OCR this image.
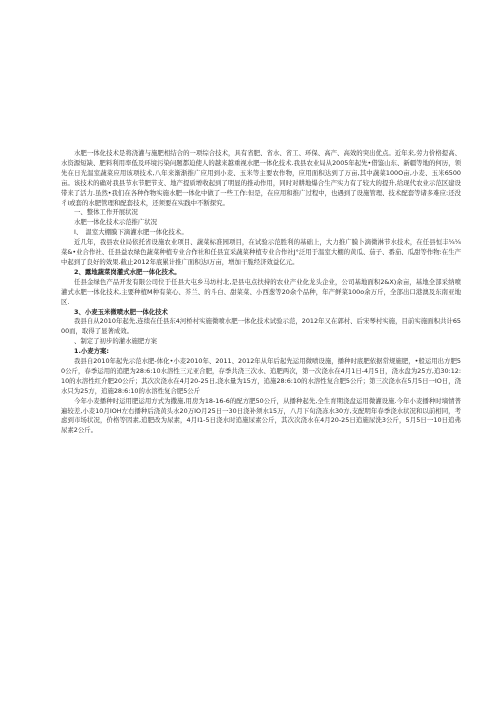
水肥一体化技术是将浇灌与施肥相结合的一项综合技术，具有省肥、省水、省工、环保、高产、高效的突出优点。近年来,劳力价格提高、水资源短缺、肥料利用率低及环境污染问题都迫使人的越来越重视水肥一体化技术.我县农业局从2005年起先•借鉴山东、新疆等地的何历，领先在日光温室蔬菜应用该项技术,八年来渐渐推广应用到小麦、玉米等主要农作物，应用面积达到了万亩,其中蔬菜100O亩,小麦、玉米6500亩。该技术的确对我县节水节肥节支、地产提质增收起到了明显的推动作用，同时对耕地爆合生产实力有了较大的提升,给现代农业示范区建设带来了活力.虽然•我们在各种作物实施水肥一体化中做了一些工作:但是，在应用和推广过程中，也遇到了设施管理、技术配套等诸多难应:还没彳i或套的水肥管理和配套技术，还须要在实践中不断探究。

一、整体工作开展状况

水肥一体化技术示范推广状况

I、　温室大棚膜下滴灌水肥一体化技术。

近几年，我县农业局依托省设施农业项目、蔬菜标准园项目，在试验示范胜利的基础上，大力推广膜卜滴微淋节水技术，在任县恒丰¼¼菜&•业合作社、任县益农绿色蔬菜种植专业合作社和任县宜采蔬菜种植专业合作社J°泛用于温室大棚的黄瓜、茄子、番茄、瓜甜等作物:在生产中起到了良好的效果.截止2012年底累计推广面积达I万亩，增加干脆经济效益亿元。

2、露地蔬菜岗灌式水肥一体化技术。

任县金绿色产品开发有限公司位于任县大屯乡马坊村北,是县屯点扶持的农业产业化龙头企业，公司基地面积2&X)余亩，基地全部采纳喷灌式水肥一体化技术,主要种植M种有菜心、芥兰、的斗白、甜菜菜、小西葱等20余个品种，年产鲜菜100o余万斤，全部出口港澳及东南亚地区.

3、小麦玉米微喷水肥一体化技术

我县自从2010年起先,连续在任县东4河桥村实施微喷水肥一体化技术试验示范，2012年又在郭村、后宋琴村实施，目前实施面积共计6500而，取得了显著成效。

、制定了初步的灌水施肥方案

1.小麦方案:

我县自2010年起先示范水肥-体化•小麦2010年、2011、2012年从年后起先运用微喷设施，播种时底肥依据常规施肥，•般运用出方肥50公斤，春季运用的追肥为28:6:10水溶性三元亚合肥，存季共浇三次水、追肥两次，第一次浇水在4月1日-4月5日，浇水盘为25方,追30:12:10的水溶性红介肥20公斤；其次次浇水在4月20-25日,浇水量为15方，追施28:6:10的水溶性复合肥5公斤；第三次浇水在5月5日一IO日，浇水只为25方，追施28:6:10的水溶性复合肥5公斤

今年小麦播种时运用肥运用方式为撒施,用房为18-16-6的配方肥50公斤，从播种起先,全生育期浇盘运用微灌设施.今年小麦播种时墒情普遍较差,小麦10月IOH左右播种后浇黄头水20万IO月25日一30日浇补须水15万，八月下旬浇冻水30方,支配明年春季浇水状况和以前相同，考虑到市场状况，价格等因素,追肥改为尿素，4月I1-5日浇水时追施尿素公斤，其次次浇水在4月20-25日追施尿洗3公斤，5月5日一10日追弗尿素2公斤。
